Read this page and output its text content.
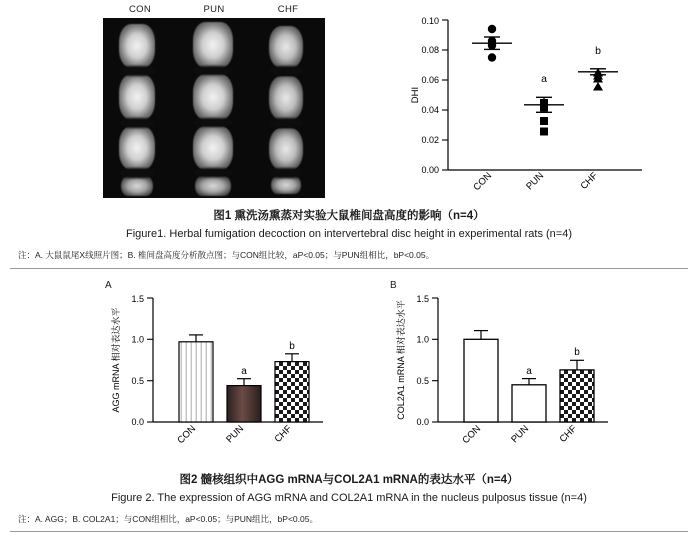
CON	PUN	CHF
0.00
0.02
0.04
0.06
0.08
0.10
DHI
a
b
CON	PUN	CHF
图1 熏洗汤熏蒸对实验大鼠椎间盘高度的影响（n=4）
Figure1. Herbal fumigation decoction on intervertebral disc height in experimental rats (n=4)
注：A. 大鼠鼠尾X线照片图；B. 椎间盘高度分析散点图；与CON组比较，aP<0.05；与PUN组相比，bP<0.05。
A	B
0.0
0.5
1.0
1.5
AGG mRNA 相对表达水平	a
b
CON	PUN	CHF
0.0
0.5
1.0
1.5
COL2A1 mRNA 相对表达水平	a
b
CON	PUN	CHF
图2 髓核组织中AGG mRNA与COL2A1 mRNA的表达水平（n=4）
Figure 2. The expression of AGG mRNA and COL2A1 mRNA in the nucleus pulposus tissue (n=4)
注：A. AGG；B. COL2A1；与CON组相比，aP<0.05；与PUN组比，bP<0.05。
